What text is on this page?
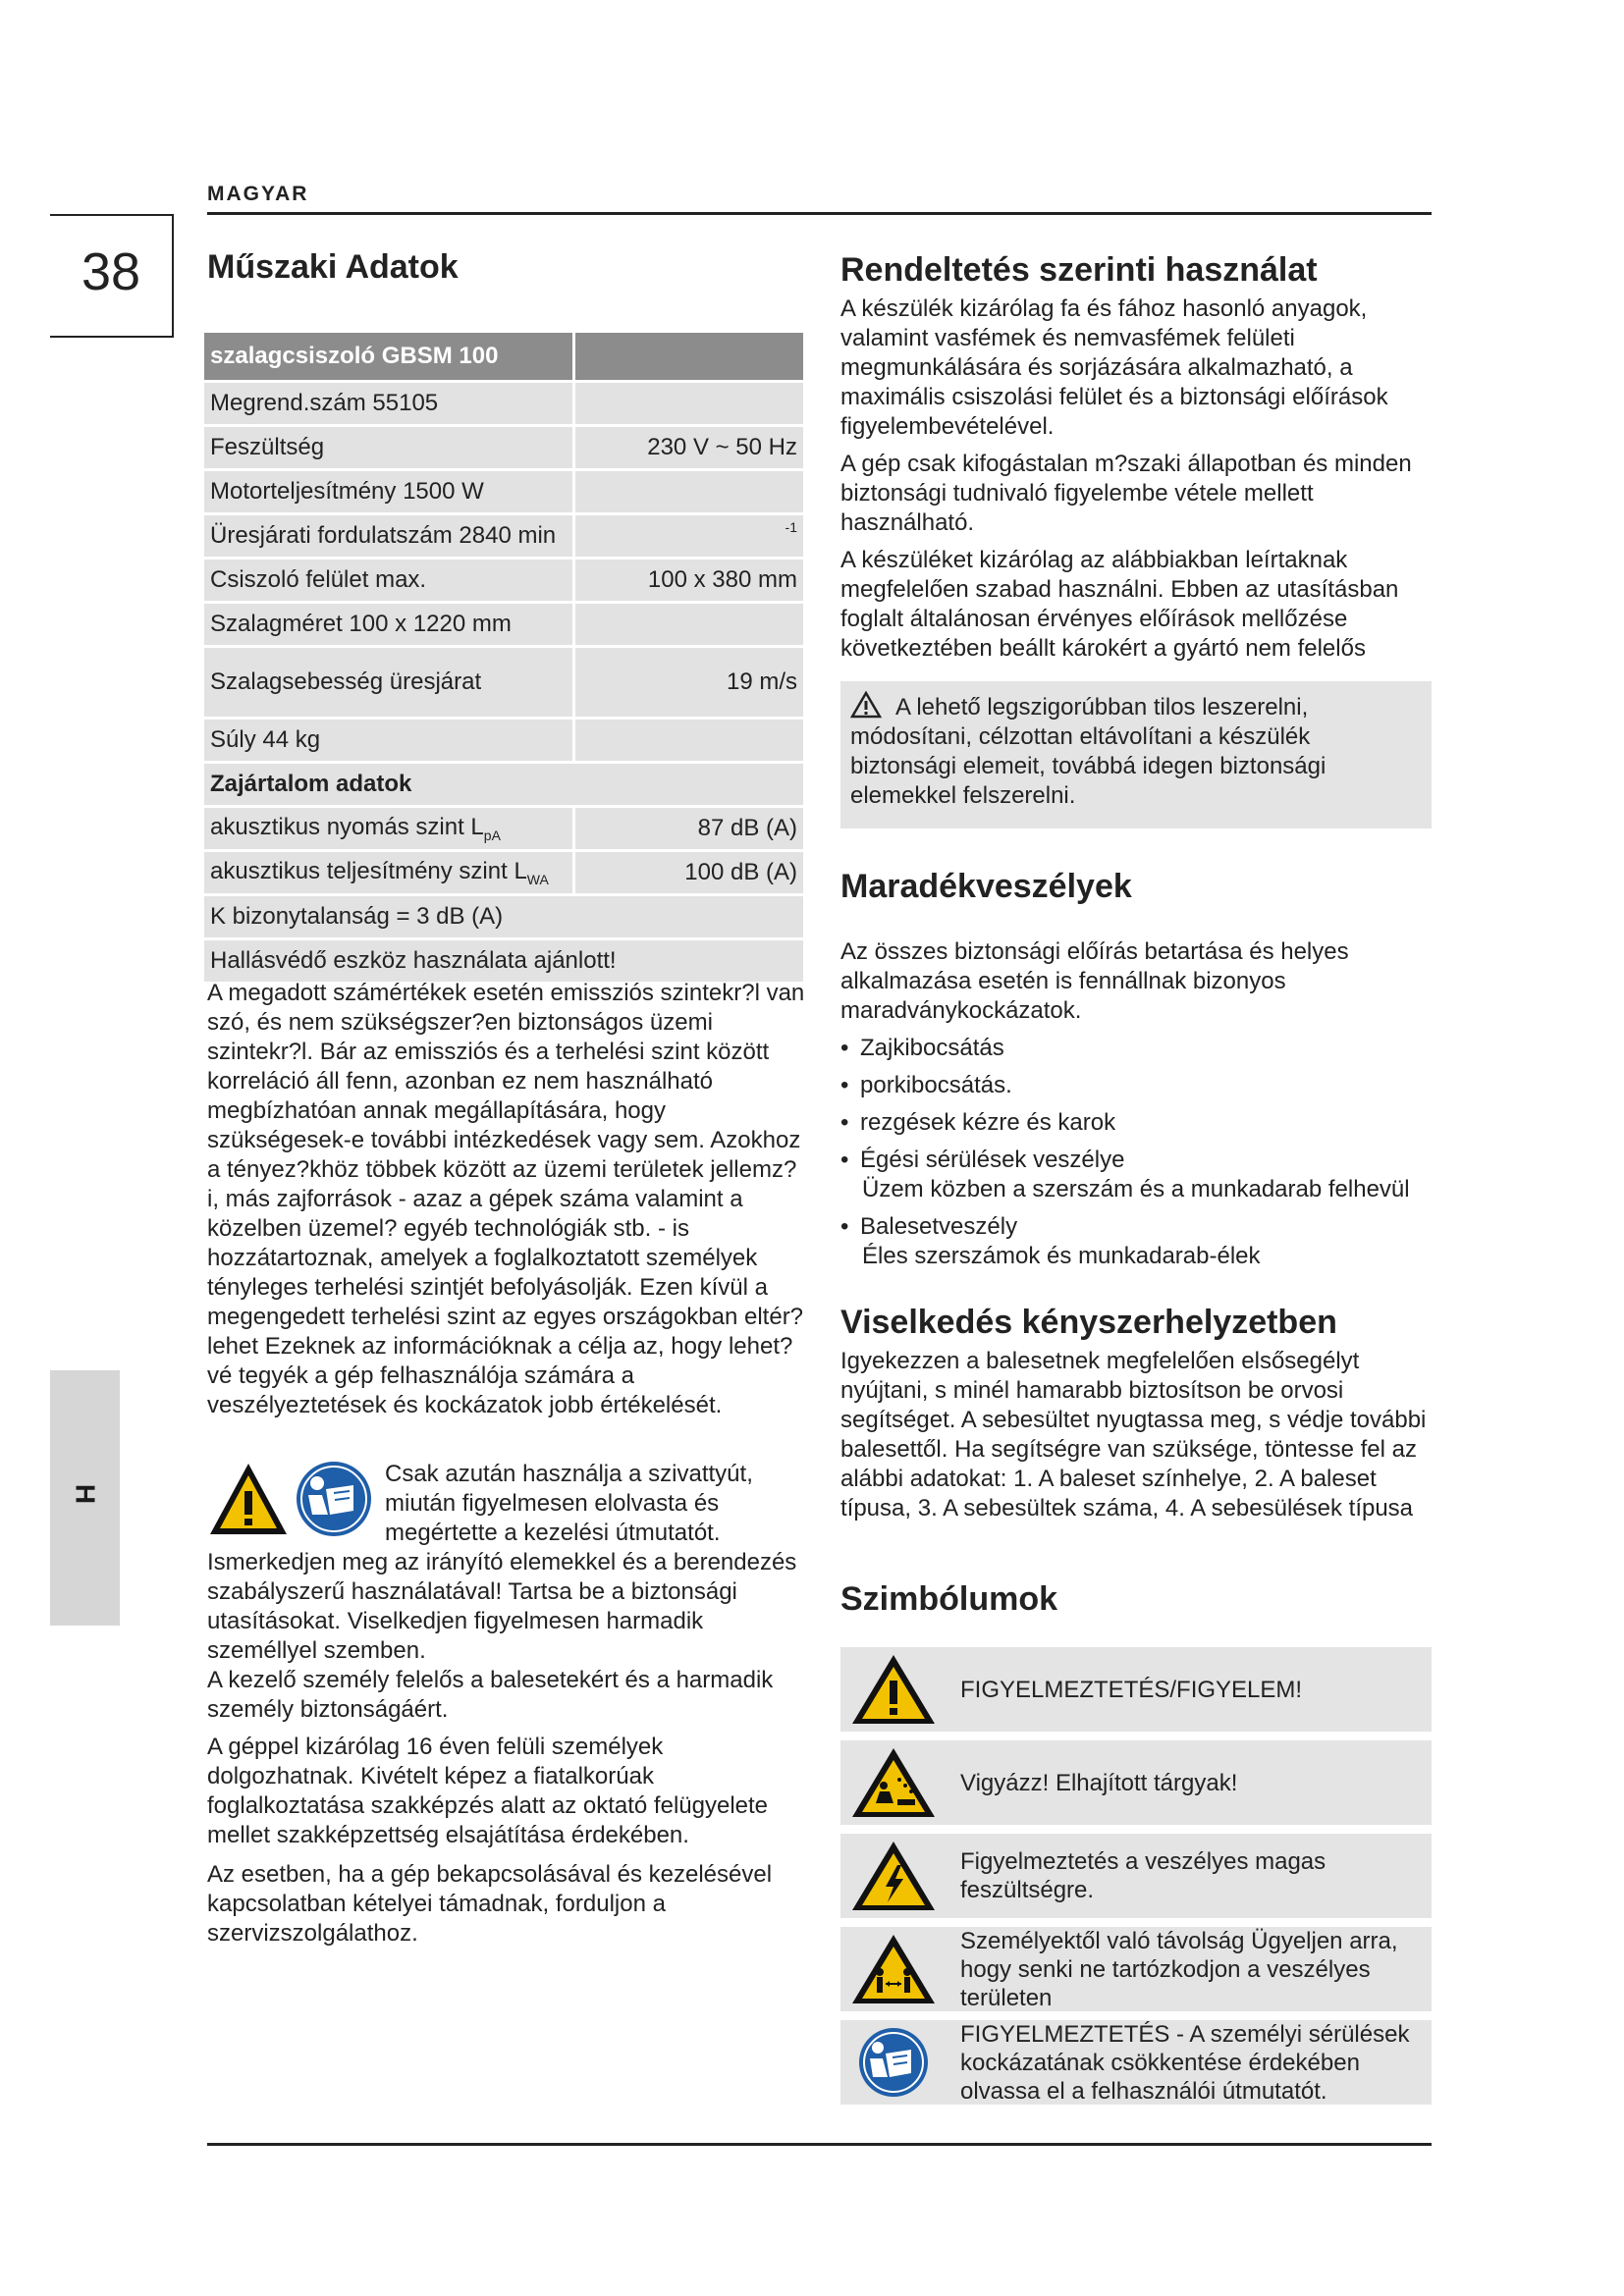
MAGYAR
38
H
Műszaki Adatok
szalagcsiszoló GBSM 100	
Megrend.szám 55105	
Feszültség	230 V ~ 50 Hz
Motorteljesítmény 1500 W	
Üresjárati fordulatszám 2840 min	-1
Csiszoló felület max.	100 x 380 mm
Szalagméret 100 x 1220 mm	
Szalagsebesség üresjárat	19 m/s
Súly 44 kg	
Zajártalom adatok	
akusztikus nyomás szint $L_{pA}$	87 dB (A)
akusztikus teljesítmény szint $L_{WA}$	100 dB (A)
K bizonytalanság = 3 dB (A)	
Hallásvédő eszköz használata ajánlott!	
A megadott számértékek esetén emissziós szintekr?l van szó, és nem szükségszer?en biztonságos üzemi szintekr?l. Bár az emissziós és a terhelési szint között korreláció áll fenn, azonban ez nem használható megbízhatóan annak megállapítására, hogy szükségesek-e további intézkedések vagy sem. Azokhoz a tényez?khöz többek között az üzemi területek jellemz?i, más zajforrások - azaz a gépek száma valamint a közelben üzemel? egyéb technológiák stb. - is hozzátartoznak, amelyek a foglalkoztatott személyek tényleges terhelési szintjét befolyásolják. Ezen kívül a megengedett terhelési szint az egyes országokban eltér? lehet Ezeknek az információknak a célja az, hogy lehet?vé tegyék a gép felhasználója számára a veszélyeztetések és kockázatok jobb értékelését.
Csak azután használja a szivattyút, miután figyelmesen elolvasta és megértette a kezelési útmutatót.
Ismerkedjen meg az irányító elemekkel és a berendezés szabályszerű használatával! Tartsa be a biztonsági utasításokat. Viselkedjen figyelmesen harmadik személlyel szemben.
A kezelő személy felelős a balesetekért és a harmadik személy biztonságáért.
A géppel kizárólag 16 éven felüli személyek dolgozhatnak. Kivételt képez a fiatalkorúak foglalkoztatása szakképzés alatt az oktató felügyelete mellet szakképzettség elsajátítása érdekében.
Az esetben, ha a gép bekapcsolásával és kezelésével kapcsolatban kételyei támadnak, forduljon a szervizszolgálathoz.
Rendeltetés szerinti használat

A készülék kizárólag fa és fához hasonló anyagok, valamint vasfémek és nemvasfémek felületi megmunkálására és sorjázására alkalmazható, a maximális csiszolási felület és a biztonsági előírások figyelembevételével.

A gép csak kifogástalan m?szaki állapotban és minden biztonsági tudnivaló figyelembe vétele mellett használható.

A készüléket kizárólag az alábbiakban leírtaknak megfelelően szabad használni. Ebben az utasításban foglalt általánosan érvényes előírások mellőzése következtében beállt károkért a gyártó nem felelős

A lehető legszigorúbban tilos leszerelni, módosítani, célzottan eltávolítani a készülék biztonsági elemeit, továbbá idegen biztonsági elemekkel felszerelni.
Maradékveszélyek

Az összes biztonsági előírás betartása és helyes alkalmazása esetén is fennállnak bizonyos maradványkockázatok.

• Zajkibocsátás
• porkibocsátás.
• rezgések kézre és karok
• Égési sérülések veszélye
Üzem közben a szerszám és a munkadarab felhevül
• Balesetveszély
Éles szerszámok és munkadarab-élek
Viselkedés kényszerhelyzetben
Igyekezzen a balesetnek megfelelően elsősegélyt nyújtani, s minél hamarabb biztosítson be orvosi segítséget. A sebesültet nyugtassa meg, s védje további balesettől. Ha segítségre van szüksége, töntesse fel az alábbi adatokat: 1. A baleset színhelye, 2. A baleset típusa, 3. A sebesültek száma, 4. A sebesülések típusa
Szimbólumok
FIGYELMEZTETÉS/FIGYELEM!
Vigyázz! Elhajított tárgyak!
Figyelmeztetés a veszélyes magas feszültségre.
Személyektől való távolság Ügyeljen arra, hogy senki ne tartózkodjon a veszélyes területen
FIGYELMEZTETÉS - A személyi sérülések kockázatának csökkentése érdekében olvassa el a felhasználói útmutatót.
